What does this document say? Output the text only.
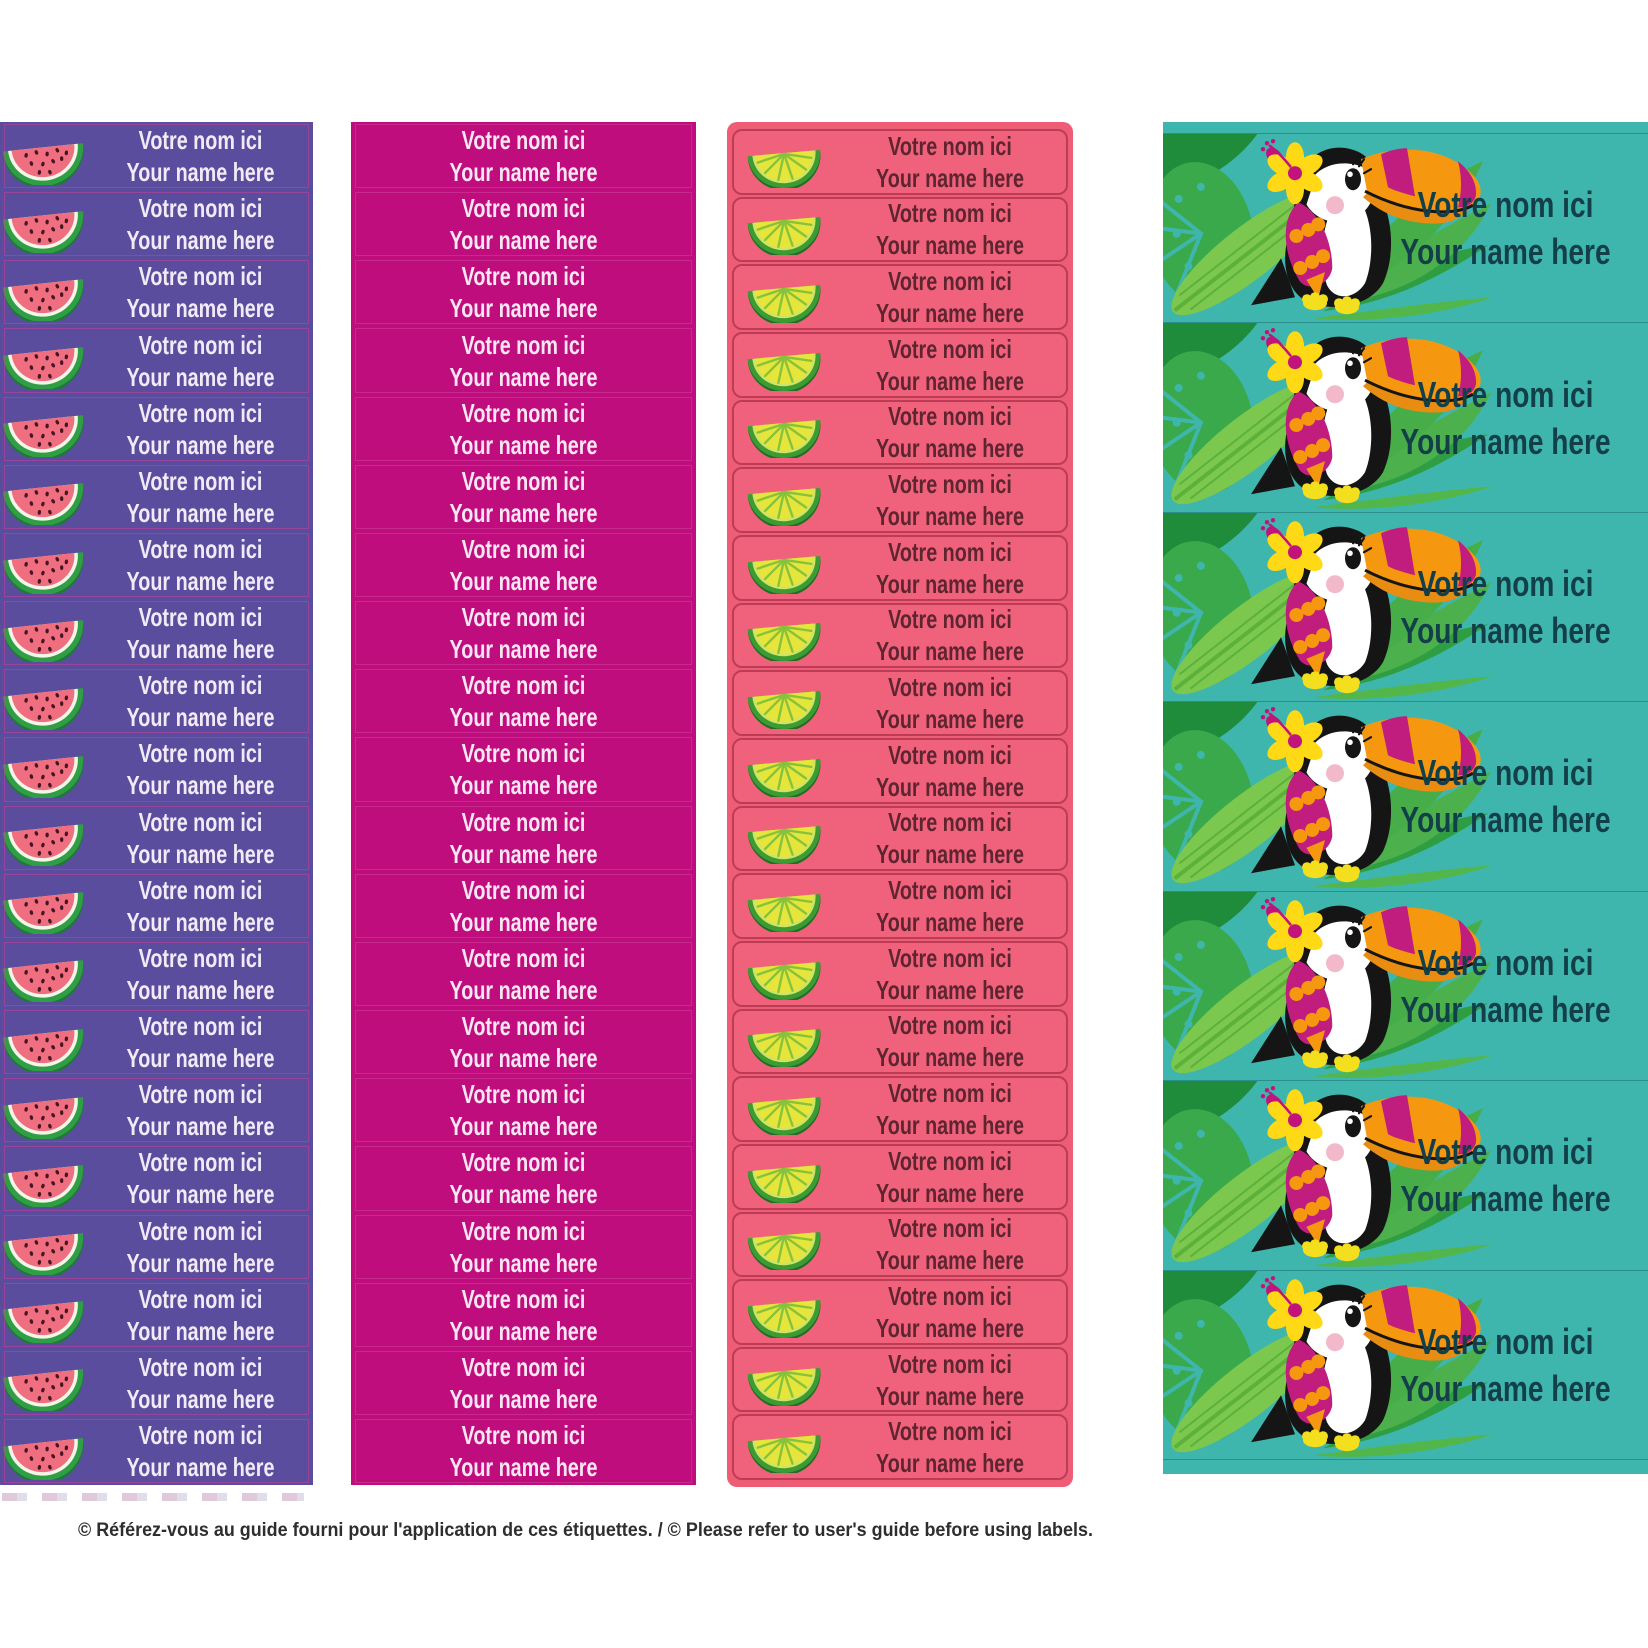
Votre nom ici
Your name here
Votre nom ici
Your name here
Votre nom ici
Your name here
Votre nom ici
Your name here
Votre nom ici
Your name here
Votre nom ici
Your name here
Votre nom ici
Your name here
Votre nom ici
Your name here
Votre nom ici
Your name here
Votre nom ici
Your name here
Votre nom ici
Your name here
Votre nom ici
Your name here
Votre nom ici
Your name here
Votre nom ici
Your name here
Votre nom ici
Your name here
Votre nom ici
Your name here
Votre nom ici
Your name here
Votre nom ici
Your name here
Votre nom ici
Your name here
Votre nom ici
Your name here
Votre nom ici
Your name here
Votre nom ici
Your name here
Votre nom ici
Your name here
Votre nom ici
Your name here
Votre nom ici
Your name here
Votre nom ici
Your name here
Votre nom ici
Your name here
Votre nom ici
Your name here
Votre nom ici
Your name here
Votre nom ici
Your name here
Votre nom ici
Your name here
Votre nom ici
Your name here
Votre nom ici
Your name here
Votre nom ici
Your name here
Votre nom ici
Your name here
Votre nom ici
Your name here
Votre nom ici
Your name here
Votre nom ici
Your name here
Votre nom ici
Your name here
Votre nom ici
Your name here
Votre nom ici
Your name here
Votre nom ici
Your name here
Votre nom ici
Your name here
Votre nom ici
Your name here
Votre nom ici
Your name here
Votre nom ici
Your name here
Votre nom ici
Your name here
Votre nom ici
Your name here
Votre nom ici
Your name here
Votre nom ici
Your name here
Votre nom ici
Your name here
Votre nom ici
Your name here
Votre nom ici
Your name here
Votre nom ici
Your name here
Votre nom ici
Your name here
Votre nom ici
Your name here
Votre nom ici
Your name here
Votre nom ici
Your name here
Votre nom ici
Your name here
Votre nom ici
Your name here
Votre nom ici
Your name here
Votre nom ici
Your name here
Votre nom ici
Your name here
Votre nom ici
Your name here
Votre nom ici
Your name here
Votre nom ici
Your name here
Votre nom ici
Your name here
© Référez-vous au guide fourni pour l'application de ces étiquettes. / © Please refer to user's guide before using labels.
